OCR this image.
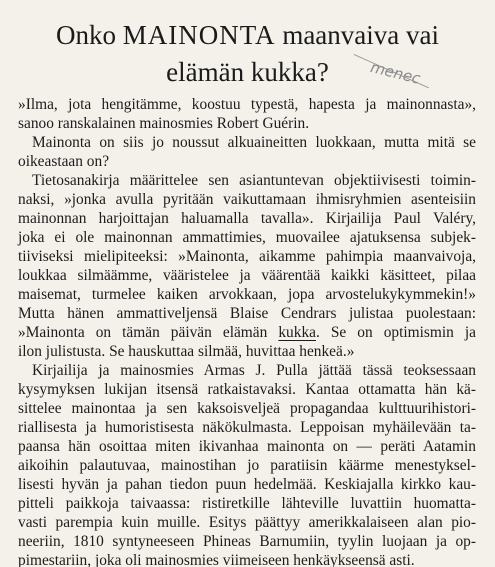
Onko MAINONTA maanvaiva vai
elämän kukka?	menec
»Ilma, jota hengitämme, koostuu typestä, hapesta ja mainonnasta»,
sanoo ranskalainen mainosmies Robert Guérin.
Mainonta on siis jo noussut alkuaineitten luokkaan, mutta mitä se
oikeastaan on?
Tietosanakirja määrittelee sen asiantuntevan objektiivisesti toimin-
naksi, »jonka avulla pyritään vaikuttamaan ihmisryhmien asenteisiin
mainonnan harjoittajan haluamalla tavalla». Kirjailija Paul Valéry,
joka ei ole mainonnan ammattimies, muovailee ajatuksensa subjek-
tiiviseksi mielipiteeksi: »Mainonta, aikamme pahimpia maanvaivoja,
loukkaa silmäämme, vääristelee ja väärentää kaikki käsitteet, pilaa
maisemat, turmelee kaiken arvokkaan, jopa arvostelukykymmekin!»
Mutta hänen ammattiveljensä Blaise Cendrars julistaa puolestaan:
»Mainonta on tämän päivän elämän kukka. Se on optimismin ja
ilon julistusta. Se hauskuttaa silmää, huvittaa henkeä.»
Kirjailija ja mainosmies Armas J. Pulla jättää tässä teoksessaan
kysymyksen lukijan itsensä ratkaistavaksi. Kantaa ottamatta hän kä-
sittelee mainontaa ja sen kaksoisveljeä propagandaa kulttuurihistori-
riallisesta ja humoristisesta näkökulmasta. Leppoisan myhäilevään ta-
paansa hän osoittaa miten ikivanhaa mainonta on — peräti Aatamin
aikoihin palautuvaa, mainostihan jo paratiisin käärme menestyksel-
lisesti hyvän ja pahan tiedon puun hedelmää. Keskiajalla kirkko kau-
pitteli paikkoja taivaassa: ristiretkille lähteville luvattiin huomatta-
vasti parempia kuin muille. Esitys päättyy amerikkalaiseen alan pio-
neeriin, 1810 syntyneeseen Phineas Barnumiin, tyylin luojaan ja op-
pimestariin, joka oli mainosmies viimeiseen henkäykseensä asti.
